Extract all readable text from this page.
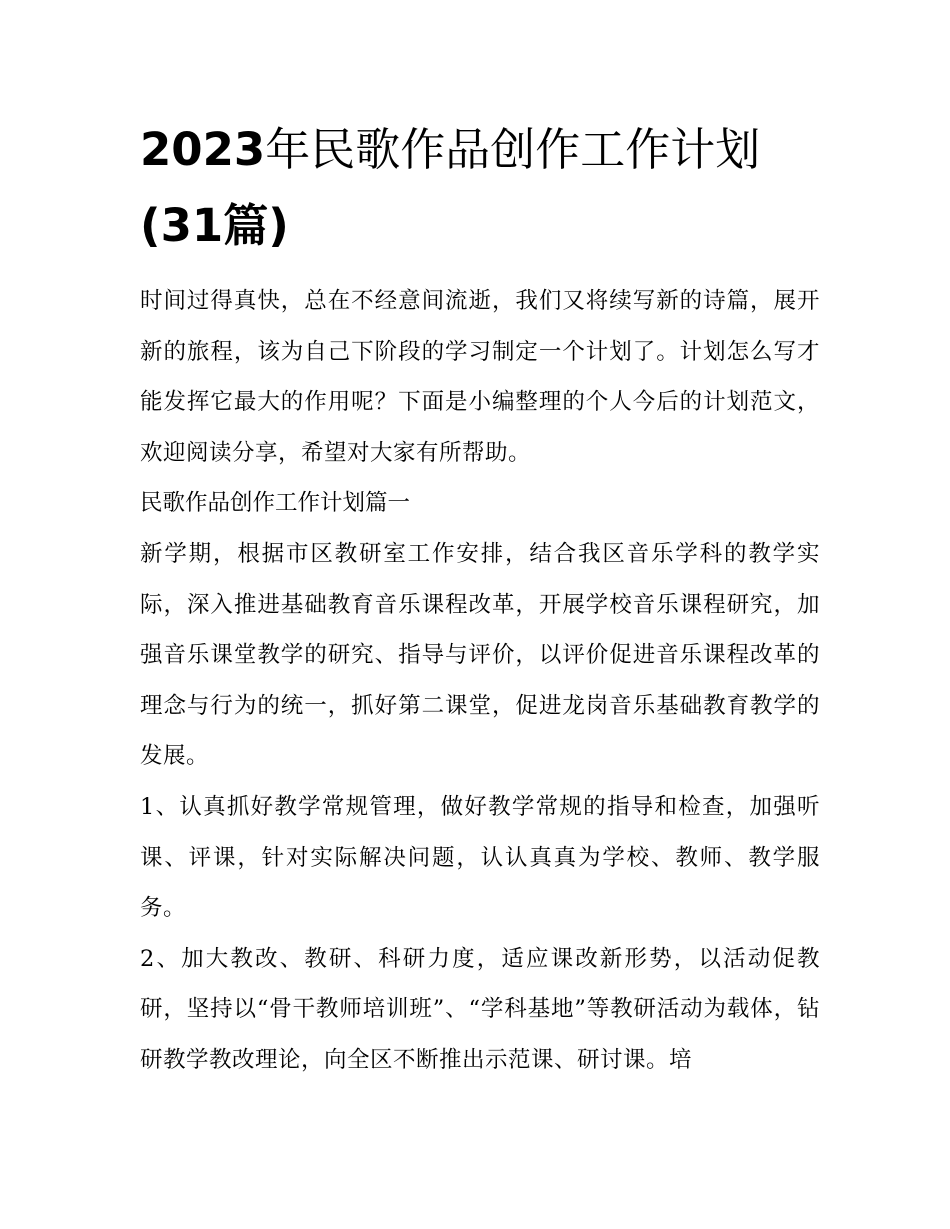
2023年民歌作品创作工作计划
(31篇)

时间过得真快，总在不经意间流逝，我们又将续写新的诗篇，展开新的旅程，该为自己下阶段的学习制定一个计划了。计划怎么写才能发挥它最大的作用呢？下面是小编整理的个人今后的计划范文，欢迎阅读分享，希望对大家有所帮助。

民歌作品创作工作计划篇一

新学期，根据市区教研室工作安排，结合我区音乐学科的教学实际，深入推进基础教育音乐课程改革，开展学校音乐课程研究，加强音乐课堂教学的研究、指导与评价，以评价促进音乐课程改革的理念与行为的统一，抓好第二课堂，促进龙岗音乐基础教育教学的发展。

1、认真抓好教学常规管理，做好教学常规的指导和检查，加强听课、评课，针对实际解决问题，认认真真为学校、教师、教学服务。

2、加大教改、教研、科研力度，适应课改新形势，以活动促教研，坚持以“骨干教师培训班”、“学科基地”等教研活动为载体，钻研教学教改理论，向全区不断推出示范课、研讨课。培
